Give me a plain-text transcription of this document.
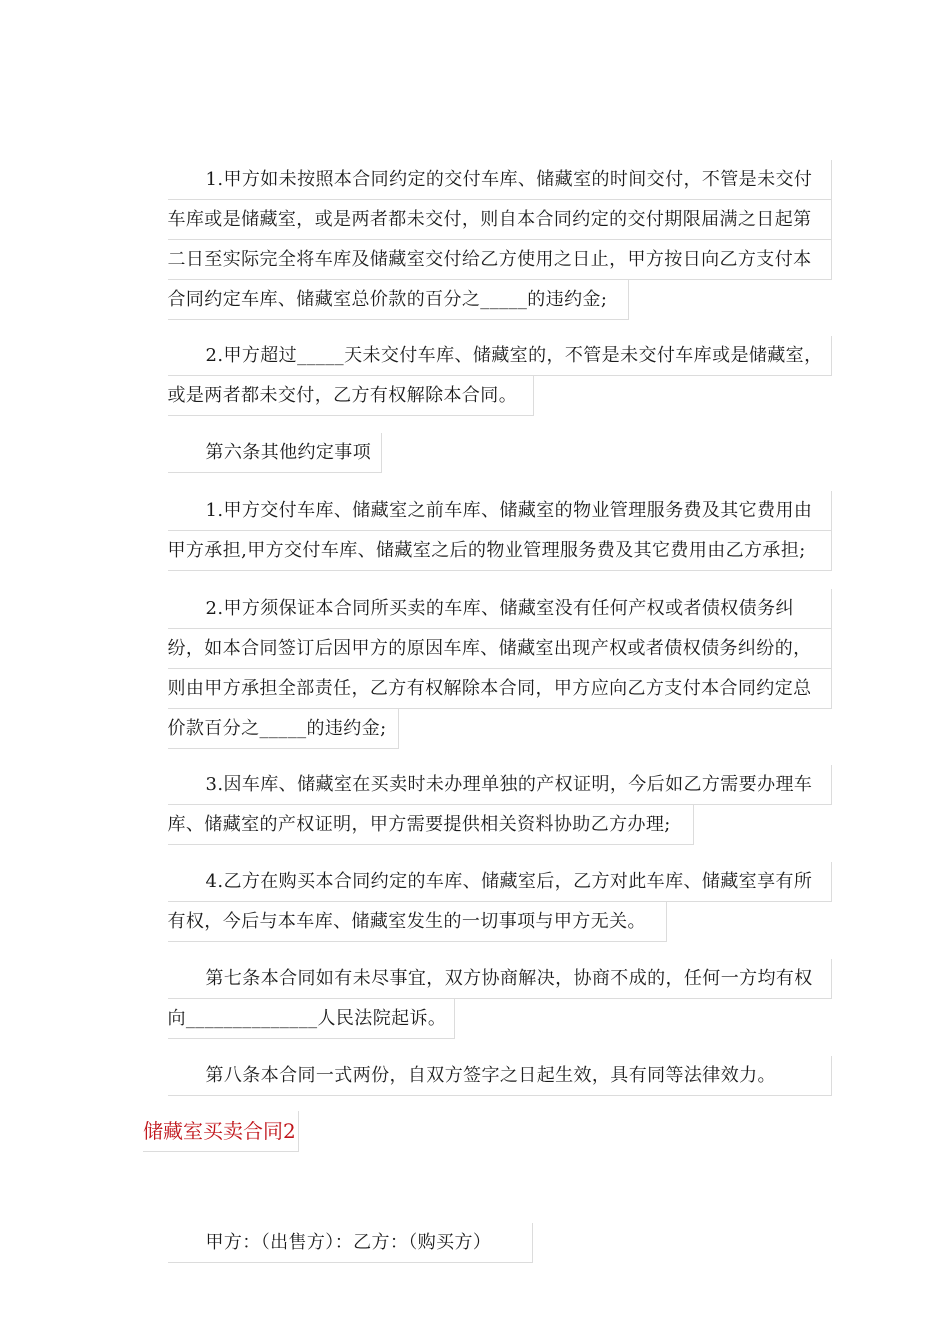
1.甲方如未按照本合同约定的交付车库、储藏室的时间交付，不管是未交付
车库或是储藏室，或是两者都未交付，则自本合同约定的交付期限届满之日起第
二日至实际完全将车库及储藏室交付给乙方使用之日止，甲方按日向乙方支付本
合同约定车库、储藏室总价款的百分之_____的违约金;

2.甲方超过_____天未交付车库、储藏室的，不管是未交付车库或是储藏室，
或是两者都未交付，乙方有权解除本合同。

第六条其他约定事项

1.甲方交付车库、储藏室之前车库、储藏室的物业管理服务费及其它费用由
甲方承担,甲方交付车库、储藏室之后的物业管理服务费及其它费用由乙方承担;

2.甲方须保证本合同所买卖的车库、储藏室没有任何产权或者债权债务纠
纷，如本合同签订后因甲方的原因车库、储藏室出现产权或者债权债务纠纷的，
则由甲方承担全部责任，乙方有权解除本合同，甲方应向乙方支付本合同约定总
价款百分之_____的违约金;

3.因车库、储藏室在买卖时未办理单独的产权证明，今后如乙方需要办理车
库、储藏室的产权证明，甲方需要提供相关资料协助乙方办理;

4.乙方在购买本合同约定的车库、储藏室后，乙方对此车库、储藏室享有所
有权，今后与本车库、储藏室发生的一切事项与甲方无关。

第七条本合同如有未尽事宜，双方协商解决，协商不成的，任何一方均有权
向______________人民法院起诉。

第八条本合同一式两份，自双方签字之日起生效，具有同等法律效力。

储藏室买卖合同2

甲方：（出售方）：乙方：（购买方）
